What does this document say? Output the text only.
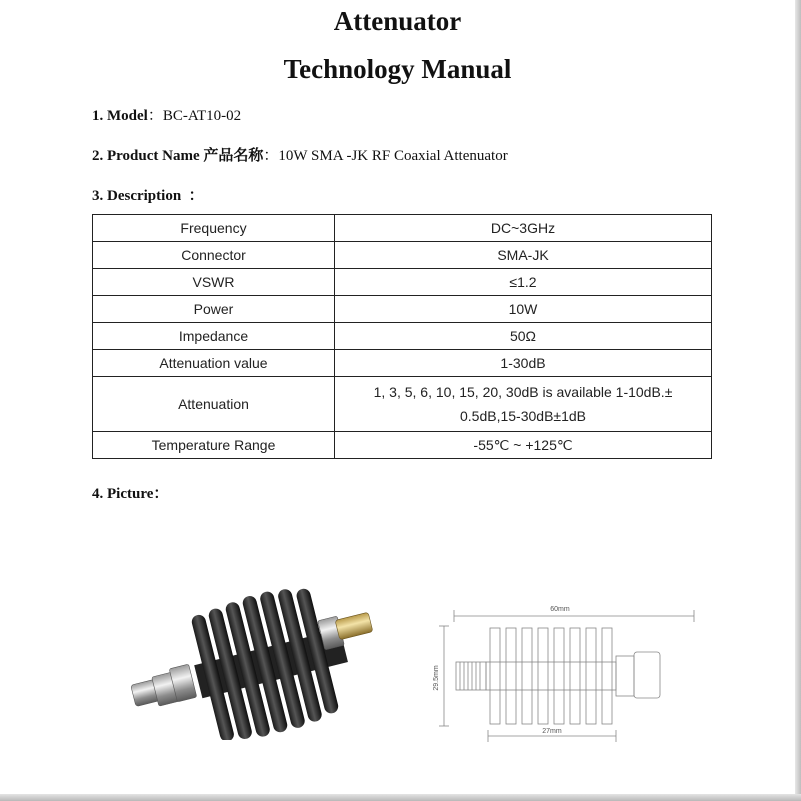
Attenuator
Technology Manual
1. Model：BC-AT10-02
2. Product Name 产品名称：10W SMA -JK RF Coaxial Attenuator
3. Description  ：
Frequency	DC~3GHz
Connector	SMA-JK
VSWR	≤1.2
Power	10W
Impedance	50Ω
Attenuation value	1-30dB
Attenuation	1, 3, 5, 6, 10, 15, 20, 30dB is available 1-10dB.±
0.5dB,15-30dB±1dB
Temperature Range	-55℃ ~ +125℃
4. Picture：
60mm
29.5mm
27mm
